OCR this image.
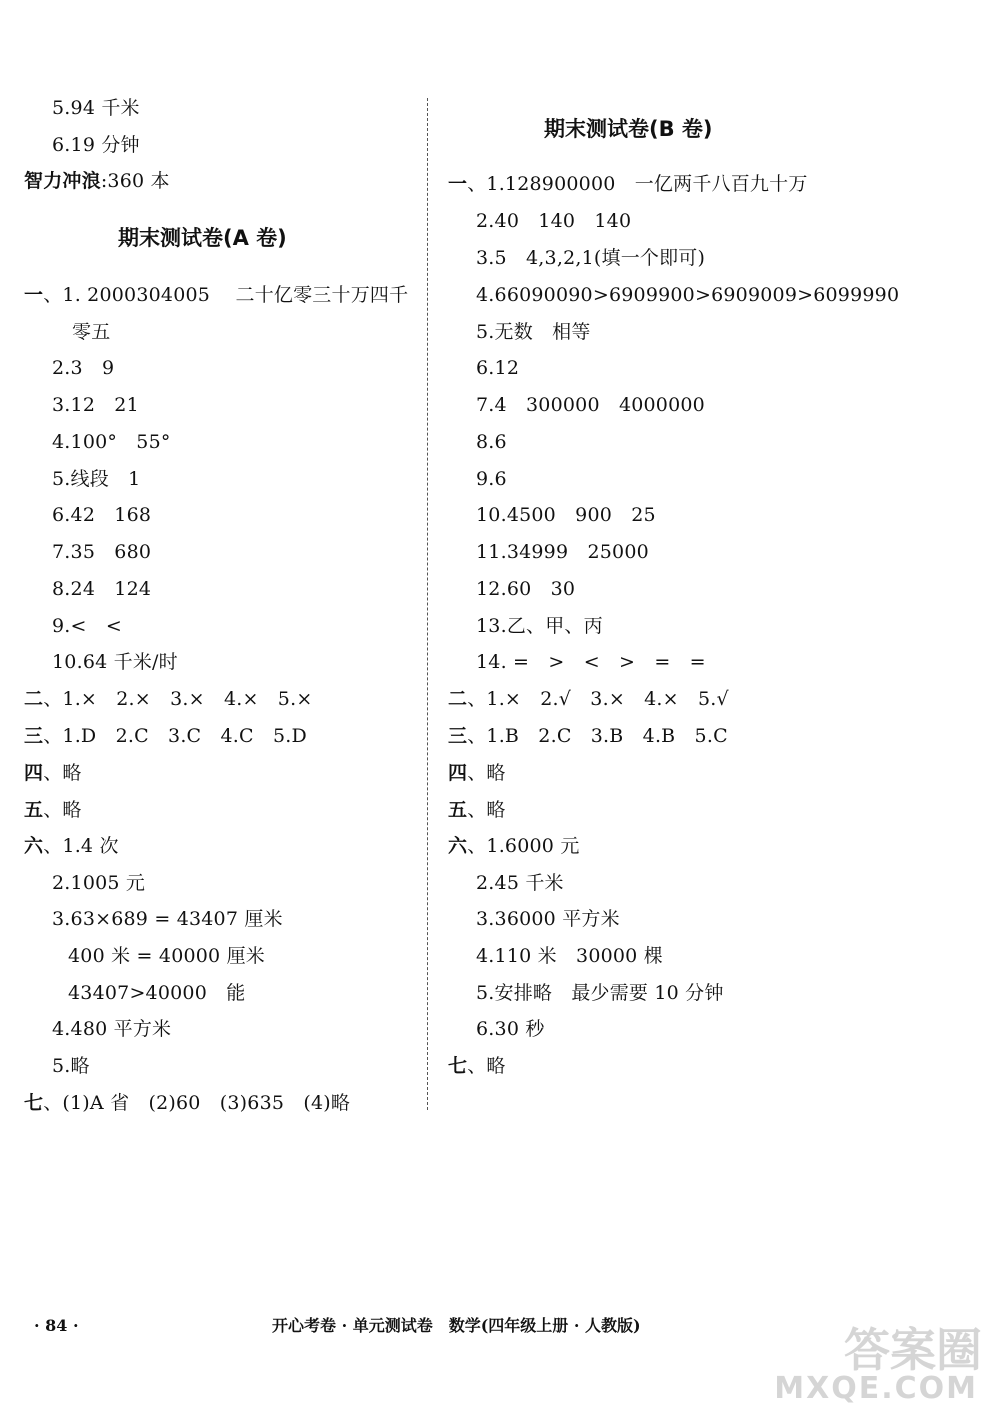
5.94 千米
6.19 分钟
智力冲浪:360 本
期末测试卷(A 卷)
一、1. 2000304005　 二十亿零三十万四千
零五
2.3　9
3.12　21
4.100°　55°
5.线段　1
6.42　168
7.35　680
8.24　124
9.<　<
10.64 千米/时
二、1.×　2.×　3.×　4.×　5.×
三、1.D　2.C　3.C　4.C　5.D
四、略
五、略
六、1.4 次
2.1005 元
3.63×689 = 43407 厘米
400 米 = 40000 厘米
43407>40000　能
4.480 平方米
5.略
七、(1)A 省　(2)60　(3)635　(4)略
期末测试卷(B 卷)
一、1.128900000　一亿两千八百九十万
2.40　140　140
3.5　4,3,2,1(填一个即可)
4.66090090>6909900>6909009>6099990
5.无数　相等
6.12
7.4　300000　4000000
8.6
9.6
10.4500　900　25
11.34999　25000
12.60　30
13.乙、甲、丙
14. =　>　<　>　=　=
二、1.×　2.√　3.×　4.×　5.√
三、1.B　2.C　3.B　4.B　5.C
四、略
五、略
六、1.6000 元
2.45 千米
3.36000 平方米
4.110 米　30000 棵
5.安排略　最少需要 10 分钟
6.30 秒
七、略
· 84 ·	开心考卷 · 单元测试卷　数学(四年级上册 · 人教版)	答案圈
MXQE.COM
